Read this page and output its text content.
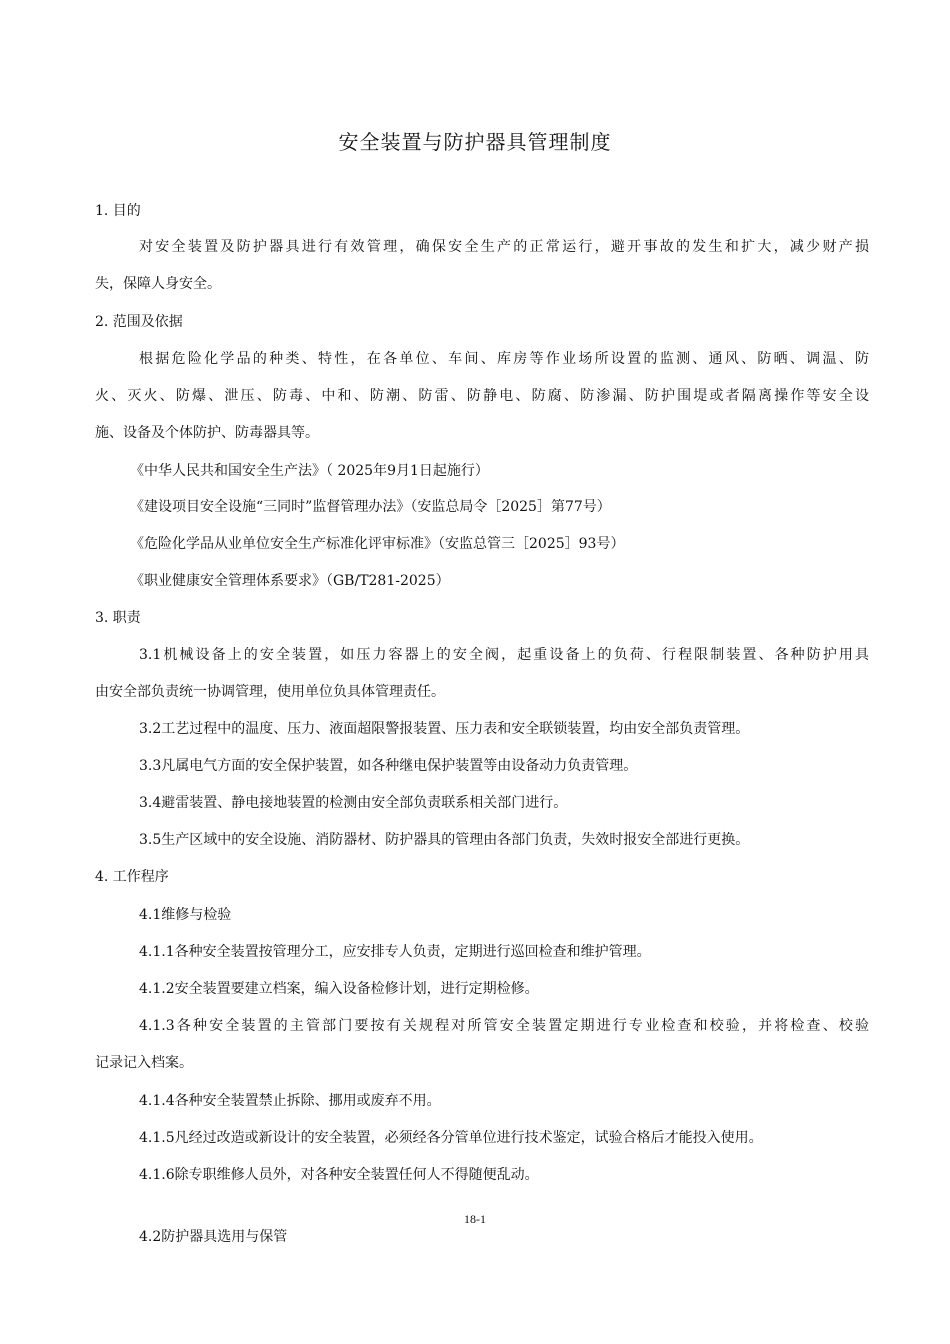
安全装置与防护器具管理制度
1. 目的
对安全装置及防护器具进行有效管理，确保安全生产的正常运行，避开事故的发生和扩大，减少财产损
失，保障人身安全。
2. 范围及依据
根据危险化学品的种类、特性，在各单位、车间、库房等作业场所设置的监测、通风、防晒、调温、防
火、灭火、防爆、泄压、防毒、中和、防潮、防雷、防静电、防腐、防渗漏、防护围堤或者隔离操作等安全设
施、设备及个体防护、防毒器具等。
《中华人民共和国安全生产法》（ 2025年9月1日起施行）
《建设项目安全设施“三同时”监督管理办法》（安监总局令［2025］第77号）
《危险化学品从业单位安全生产标准化评审标准》（安监总管三［2025］93号）
《职业健康安全管理体系要求》（GB/T281-2025）
3. 职责
3.1机械设备上的安全装置，如压力容器上的安全阀，起重设备上的负荷、行程限制装置、各种防护用具
由安全部负责统一协调管理，使用单位负具体管理责任。
3.2工艺过程中的温度、压力、液面超限警报装置、压力表和安全联锁装置，均由安全部负责管理。
3.3凡属电气方面的安全保护装置，如各种继电保护装置等由设备动力负责管理。
3.4避雷装置、静电接地装置的检测由安全部负责联系相关部门进行。
3.5生产区域中的安全设施、消防器材、防护器具的管理由各部门负责，失效时报安全部进行更换。
4. 工作程序
4.1维修与检验
4.1.1各种安全装置按管理分工，应安排专人负责，定期进行巡回检查和维护管理。
4.1.2安全装置要建立档案，编入设备检修计划，进行定期检修。
4.1.3各种安全装置的主管部门要按有关规程对所管安全装置定期进行专业检查和校验，并将检查、校验
记录记入档案。
4.1.4各种安全装置禁止拆除、挪用或废弃不用。
4.1.5凡经过改造或新设计的安全装置，必须经各分管单位进行技术鉴定，试验合格后才能投入使用。
4.1.6除专职维修人员外，对各种安全装置任何人不得随便乱动。
18-1
4.2防护器具选用与保管
